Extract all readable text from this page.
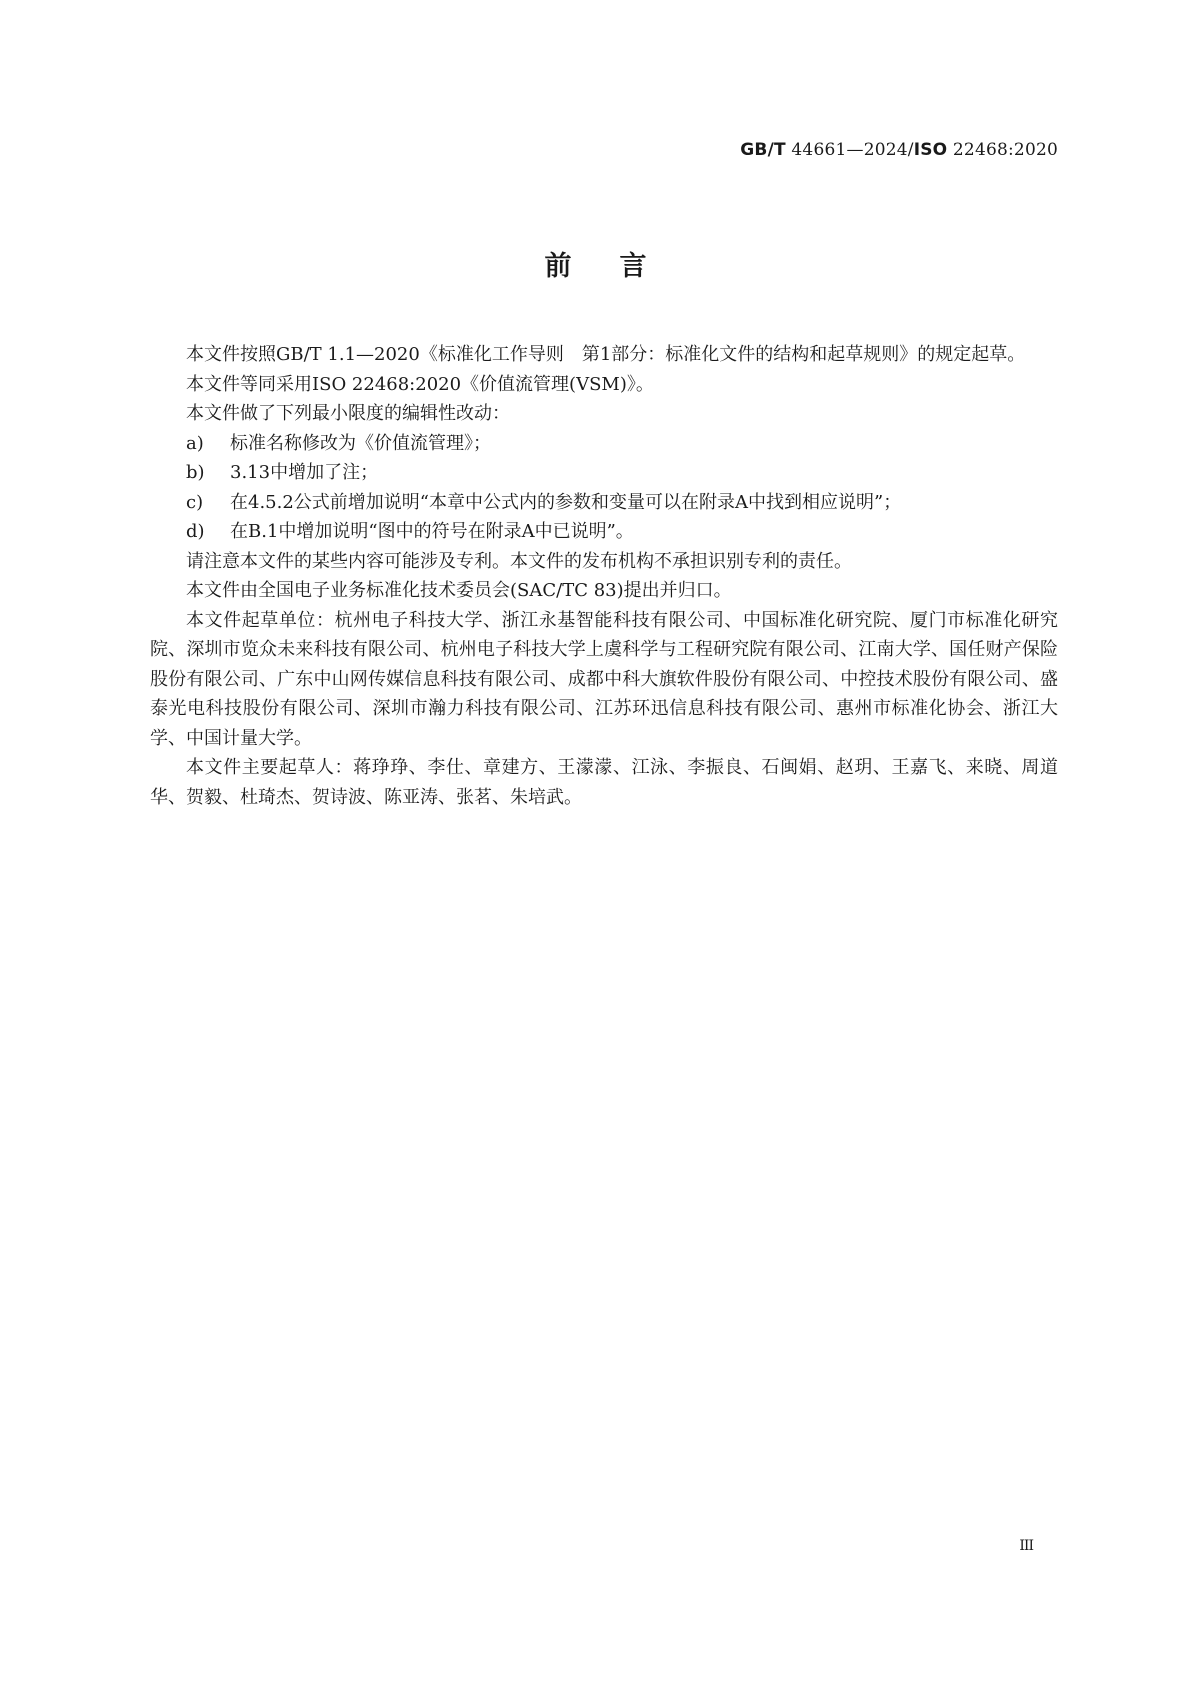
GB/T 44661—2024/ISO 22468:2020
前言

本文件按照GB/T 1.1—2020《标准化工作导则　第1部分：标准化文件的结构和起草规则》的规定起草。

本文件等同采用ISO 22468:2020《价值流管理(VSM)》。

本文件做了下列最小限度的编辑性改动：

a) 标准名称修改为《价值流管理》；

b) 3.13中增加了注；

c) 在4.5.2公式前增加说明“本章中公式内的参数和变量可以在附录A中找到相应说明”；

d) 在B.1中增加说明“图中的符号在附录A中已说明”。

请注意本文件的某些内容可能涉及专利。本文件的发布机构不承担识别专利的责任。

本文件由全国电子业务标准化技术委员会(SAC/TC 83)提出并归口。

本文件起草单位：杭州电子科技大学、浙江永基智能科技有限公司、中国标准化研究院、厦门市标准化研究院、深圳市览众未来科技有限公司、杭州电子科技大学上虞科学与工程研究院有限公司、江南大学、国任财产保险股份有限公司、广东中山网传媒信息科技有限公司、成都中科大旗软件股份有限公司、中控技术股份有限公司、盛泰光电科技股份有限公司、深圳市瀚力科技有限公司、江苏环迅信息科技有限公司、惠州市标准化协会、浙江大学、中国计量大学。

本文件主要起草人：蒋琤琤、李仕、章建方、王濛濛、江泳、李振良、石闽娟、赵玥、王嘉飞、来晓、周道华、贺毅、杜琦杰、贺诗波、陈亚涛、张茗、朱培武。

III
